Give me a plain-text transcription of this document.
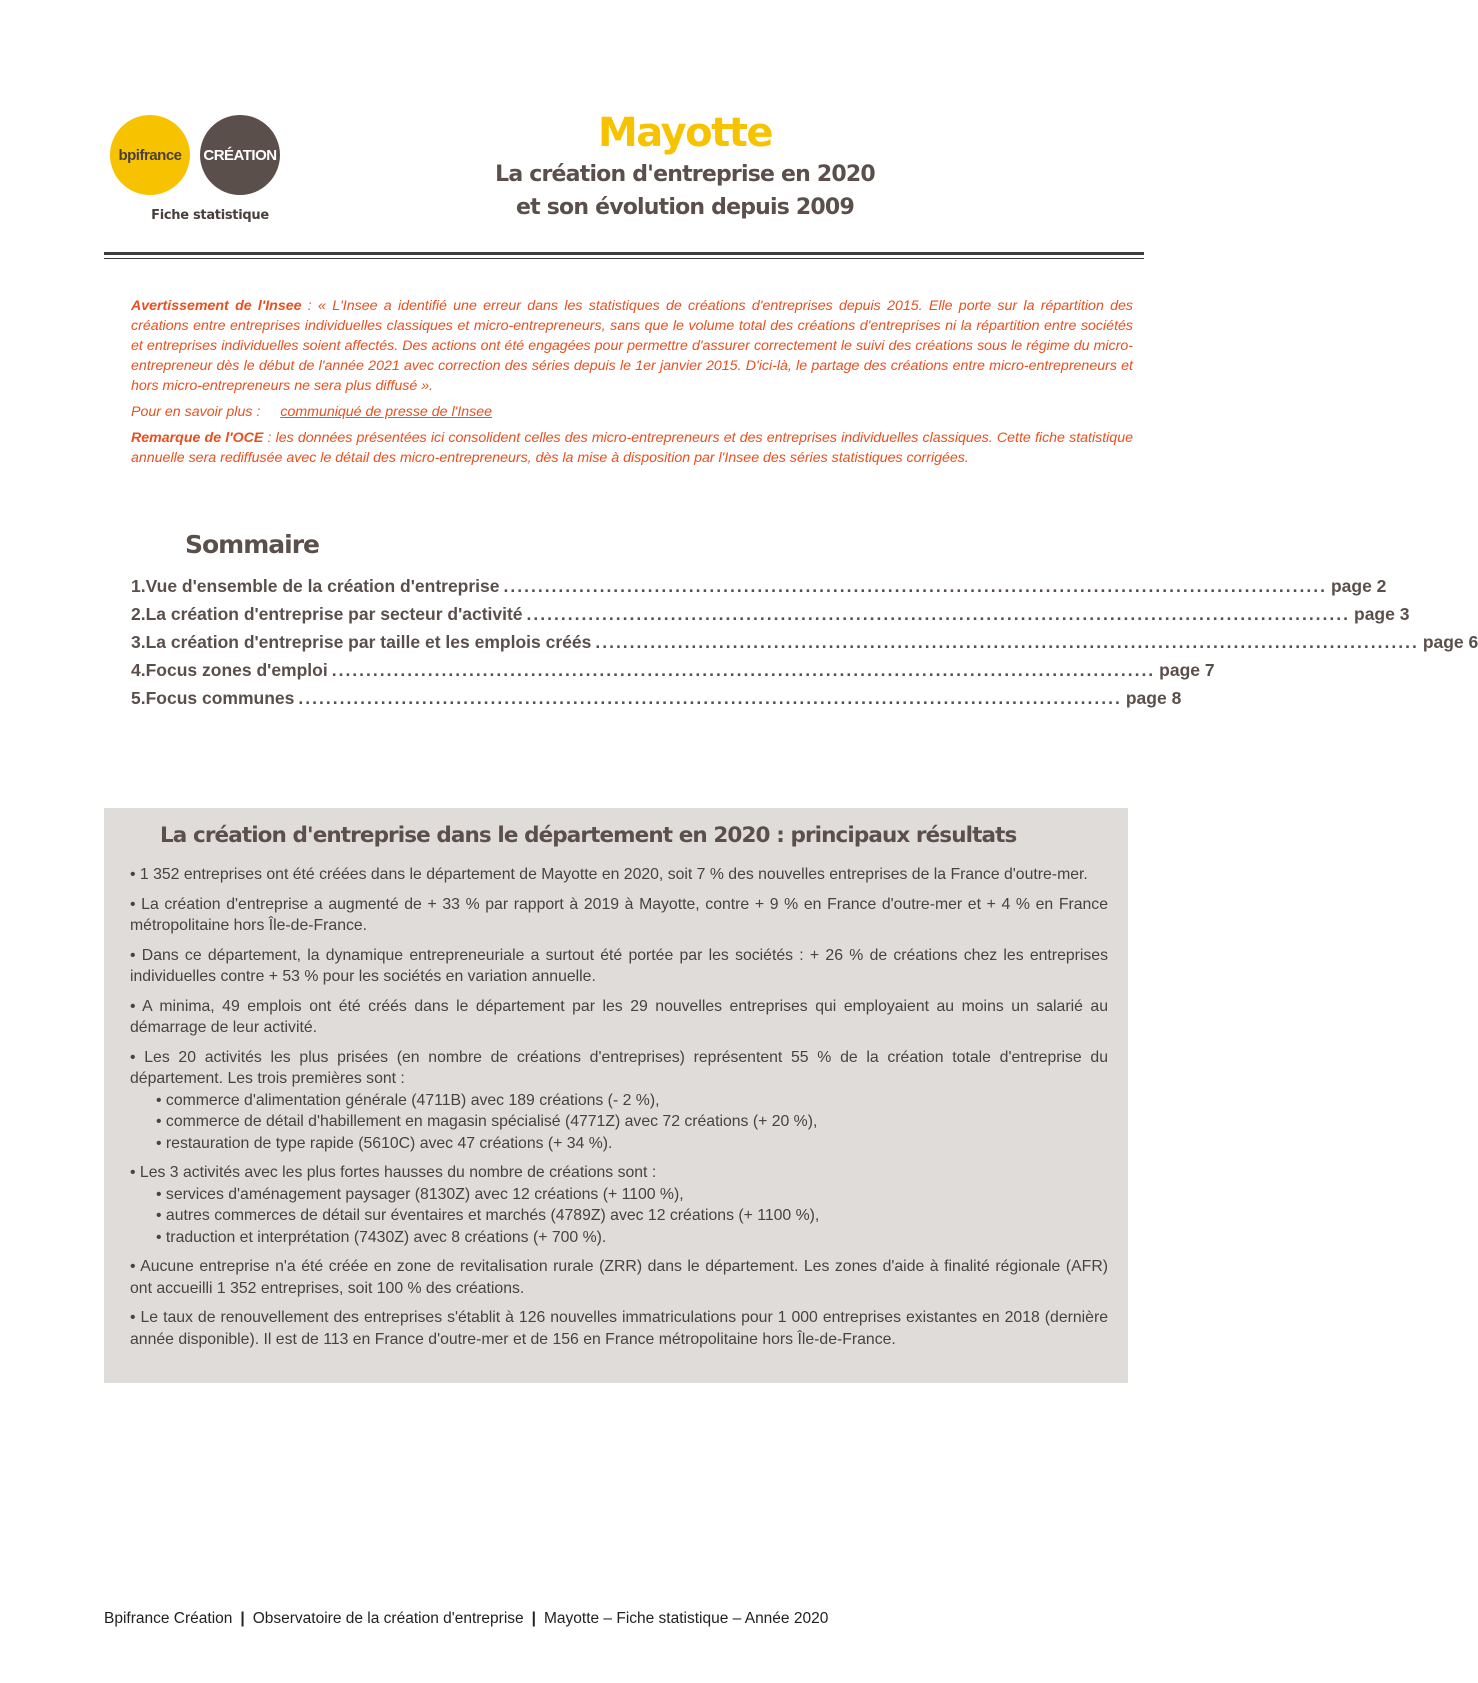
bpifrance CRÉATION
Fiche statistique
Mayotte
La création d'entreprise en 2020
et son évolution depuis 2009

Avertissement de l'Insee : « L'Insee a identifié une erreur dans les statistiques de créations d'entreprises depuis 2015. Elle porte sur la répartition des créations entre entreprises individuelles classiques et micro-entrepreneurs, sans que le volume total des créations d'entreprises ni la répartition entre sociétés et entreprises individuelles soient affectés. Des actions ont été engagées pour permettre d'assurer correctement le suivi des créations sous le régime du micro-entrepreneur dès le début de l'année 2021 avec correction des séries depuis le 1er janvier 2015. D'ici-là, le partage des créations entre micro-entrepreneurs et hors micro-entrepreneurs ne sera plus diffusé ».

Pour en savoir plus : communiqué de presse de l'Insee

Remarque de l'OCE : les données présentées ici consolident celles des micro-entrepreneurs et des entreprises individuelles classiques. Cette fiche statistique annuelle sera rediffusée avec le détail des micro-entrepreneurs, dès la mise à disposition par l'Insee des séries statistiques corrigées.

Sommaire
1. Vue d'ensemble de la création d'entreprise ........................................................................................................................ page 2
2. La création d'entreprise par secteur d'activité ........................................................................................................................ page 3
3. La création d'entreprise par taille et les emplois créés ........................................................................................................................ page 6
4. Focus zones d'emploi ........................................................................................................................ page 7
5. Focus communes ........................................................................................................................ page 8
La création d'entreprise dans le département en 2020 : principaux résultats

• 1 352 entreprises ont été créées dans le département de Mayotte en 2020, soit 7 % des nouvelles entreprises de la France d'outre-mer.

• La création d'entreprise a augmenté de + 33 % par rapport à 2019 à Mayotte, contre + 9 % en France d'outre-mer et + 4 % en France métropolitaine hors Île-de-France.

• Dans ce département, la dynamique entrepreneuriale a surtout été portée par les sociétés : + 26 % de créations chez les entreprises individuelles contre + 53 % pour les sociétés en variation annuelle.

• A minima, 49 emplois ont été créés dans le département par les 29 nouvelles entreprises qui employaient au moins un salarié au démarrage de leur activité.

• Les 20 activités les plus prisées (en nombre de créations d'entreprises) représentent 55 % de la création totale d'entreprise du département. Les trois premières sont :

• commerce d'alimentation générale (4711B) avec 189 créations (- 2 %),
• commerce de détail d'habillement en magasin spécialisé (4771Z) avec 72 créations (+ 20 %),
• restauration de type rapide (5610C) avec 47 créations (+ 34 %).

• Les 3 activités avec les plus fortes hausses du nombre de créations sont :

• services d'aménagement paysager (8130Z) avec 12 créations (+ 1100 %),
• autres commerces de détail sur éventaires et marchés (4789Z) avec 12 créations (+ 1100 %),
• traduction et interprétation (7430Z) avec 8 créations (+ 700 %).

• Aucune entreprise n'a été créée en zone de revitalisation rurale (ZRR) dans le département. Les zones d'aide à finalité régionale (AFR) ont accueilli 1 352 entreprises, soit 100 % des créations.

• Le taux de renouvellement des entreprises s'établit à 126 nouvelles immatriculations pour 1 000 entreprises existantes en 2018 (dernière année disponible). Il est de 113 en France d'outre-mer et de 156 en France métropolitaine hors Île-de-France.

Bpifrance Création | Observatoire de la création d'entreprise | Mayotte – Fiche statistique – Année 2020
